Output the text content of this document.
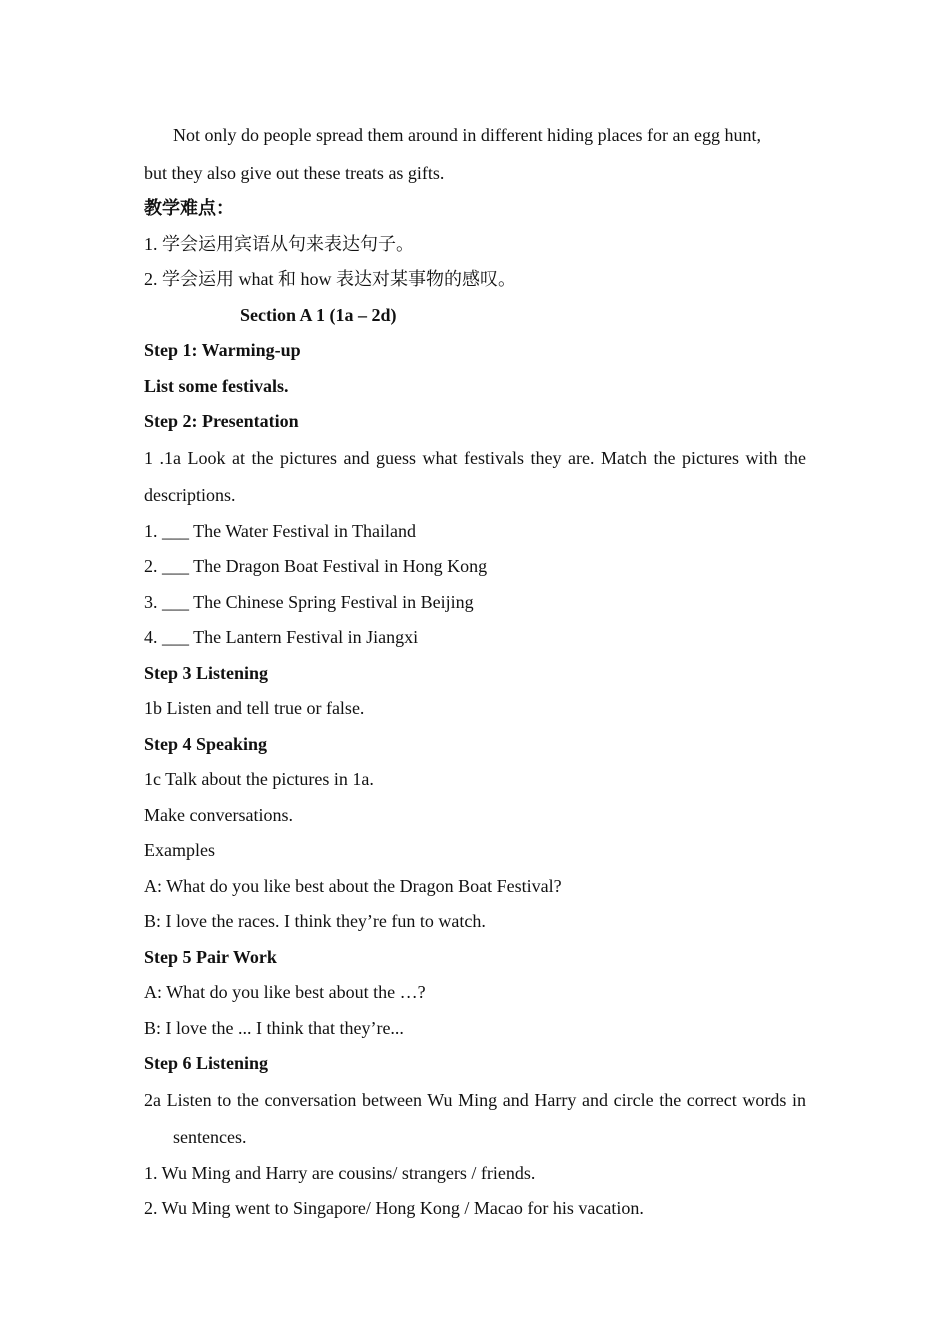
Not only do people spread them around in different hiding places for an egg hunt,

but they also give out these treats as gifts.

教学难点：

1. 学会运用宾语从句来表达句子。

2. 学会运用 what 和 how 表达对某事物的感叹。

Section A 1 (1a – 2d)

Step 1: Warming-up

List some festivals.

Step 2: Presentation

1 .1a Look at the pictures and guess what festivals they are. Match the pictures with the descriptions.

1. ___ The Water Festival in Thailand

2. ___ The Dragon Boat Festival in Hong Kong

3. ___ The Chinese Spring Festival in Beijing

4. ___ The Lantern Festival in Jiangxi

Step 3 Listening

1b Listen and tell true or false.

Step 4 Speaking

1c Talk about the pictures in 1a.

Make conversations.

Examples

A: What do you like best about the Dragon Boat Festival?

B: I love the races. I think they’re fun to watch.

Step 5 Pair Work

A: What do you like best about the …?

B: I love the ... I think that they’re...

Step 6 Listening

2a Listen to the conversation between Wu Ming and Harry and circle the correct words in sentences.

1. Wu Ming and Harry are cousins/ strangers / friends.

2. Wu Ming went to Singapore/ Hong Kong / Macao for his vacation.
